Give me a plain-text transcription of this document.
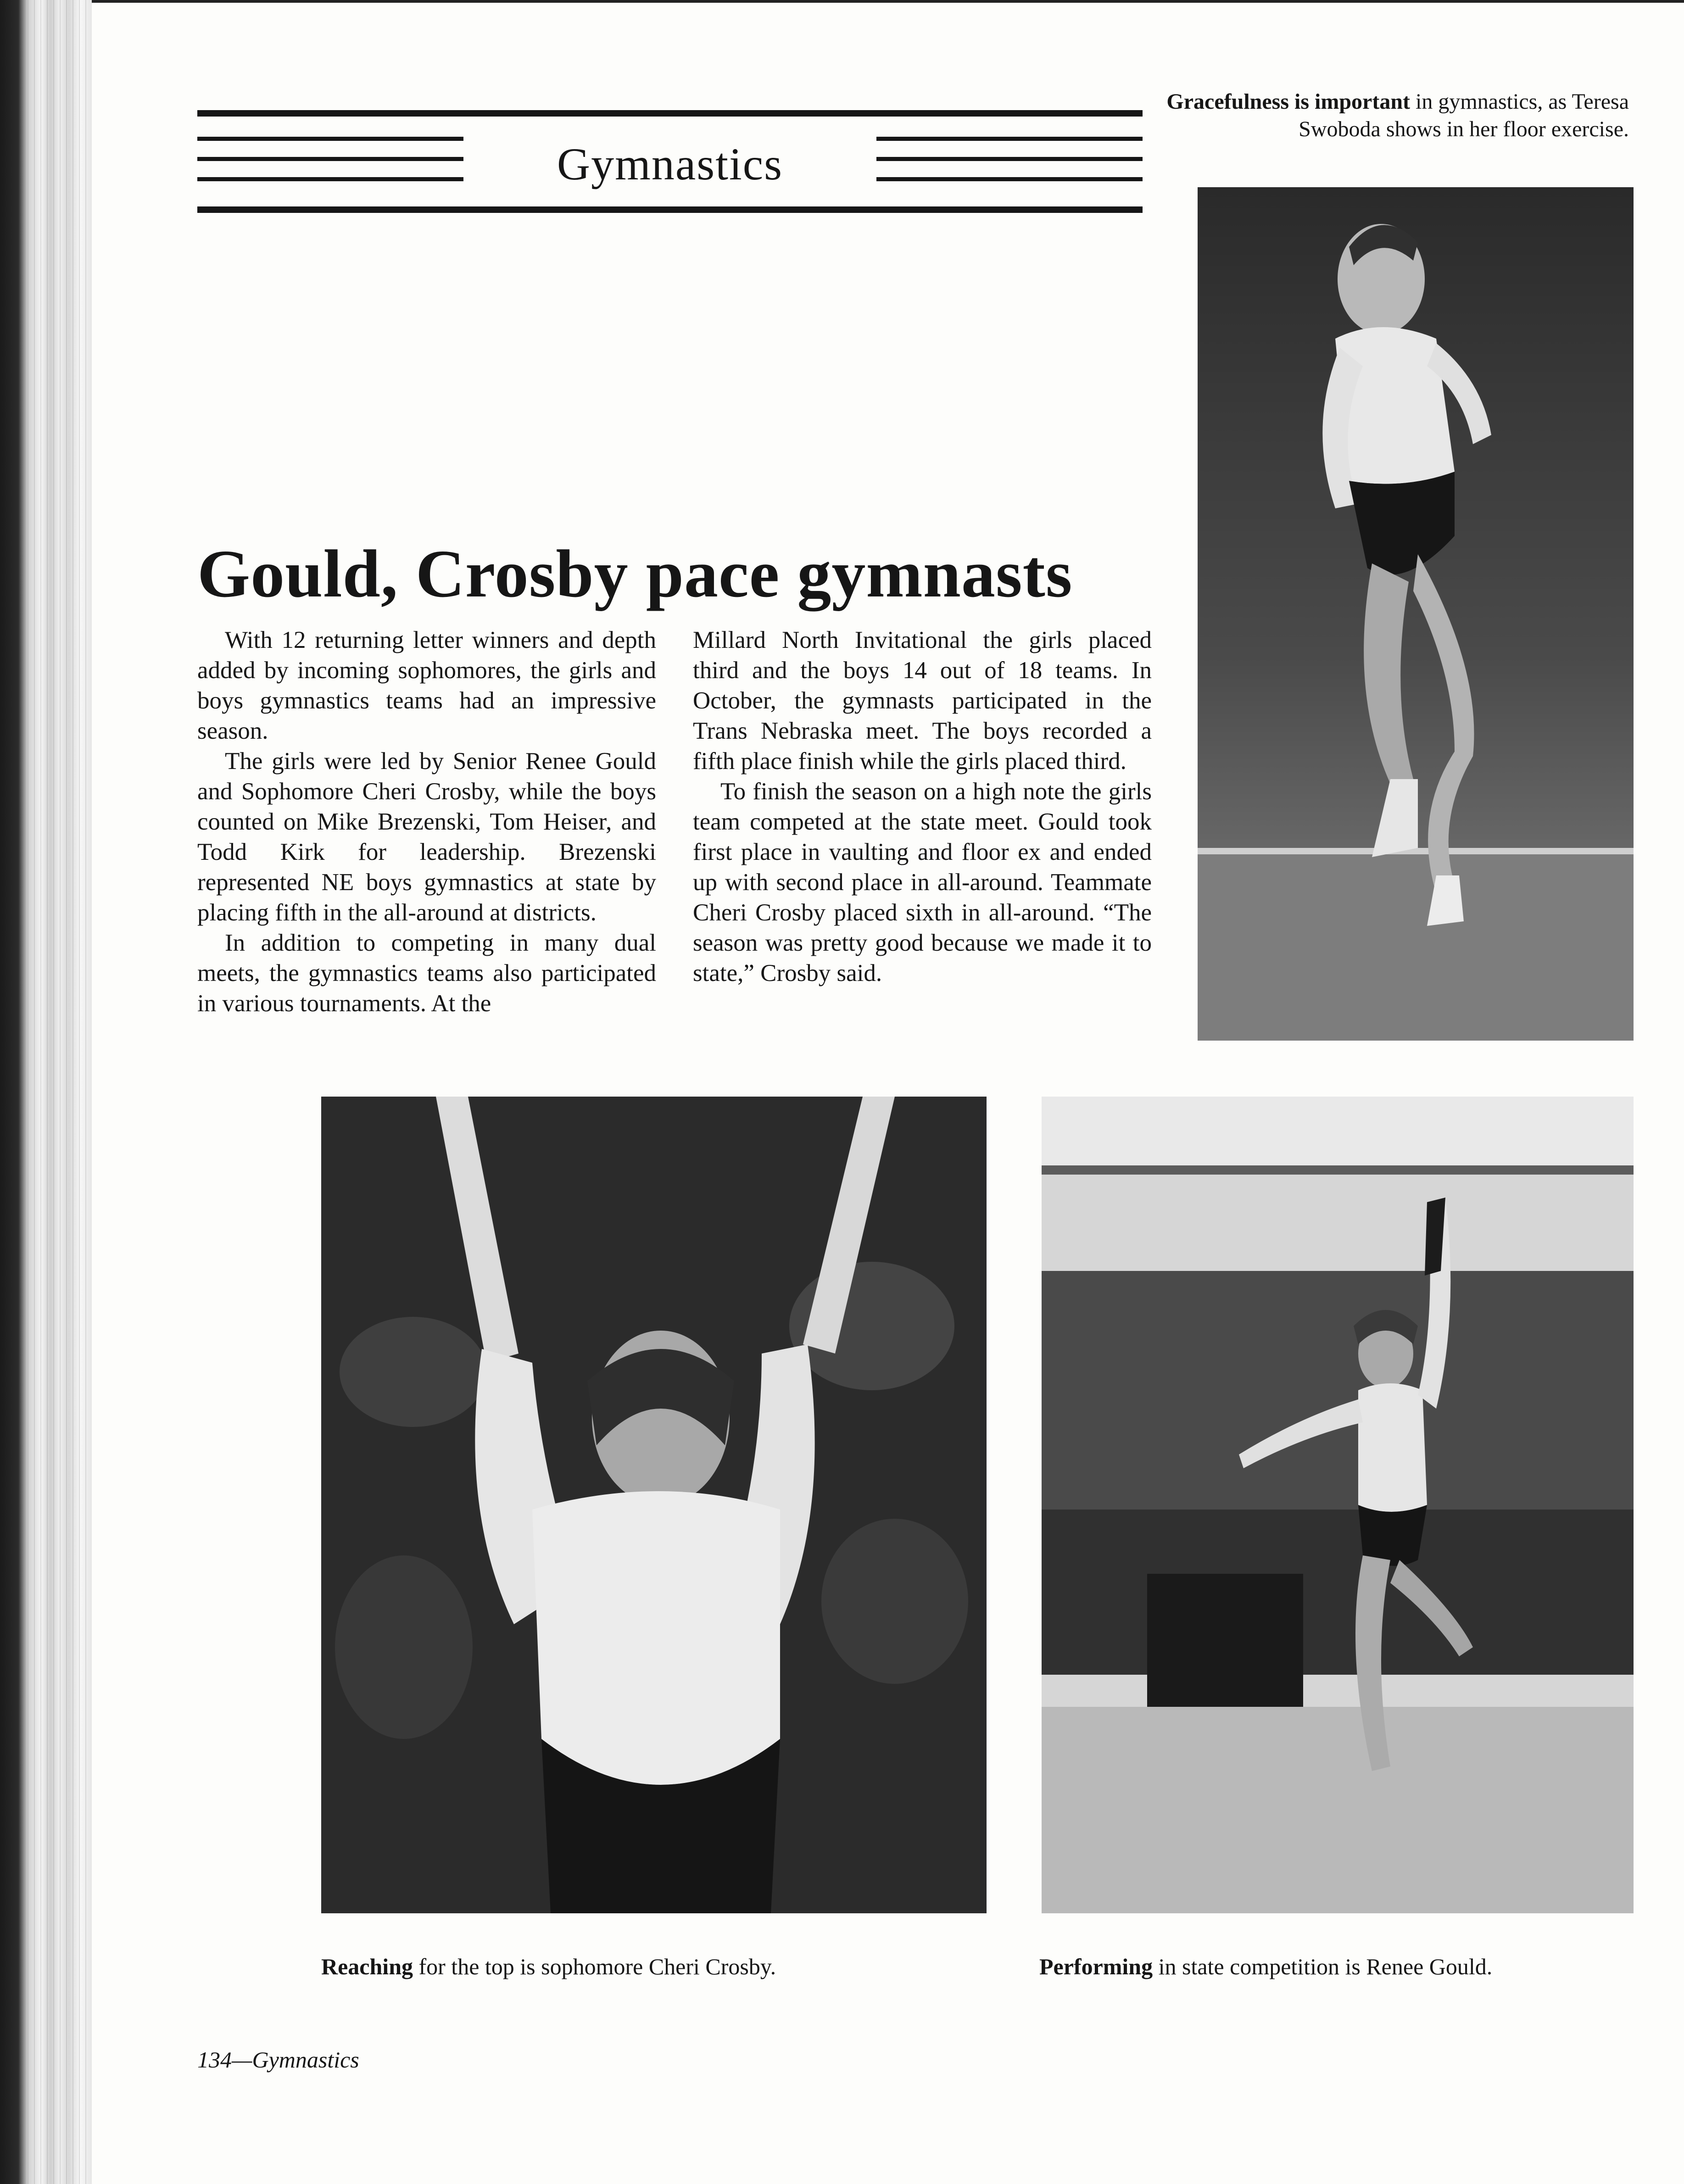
Gymnastics
Gracefulness is important in gymnastics, as Teresa Swoboda shows in her floor exercise.
Gould, Crosby pace gymnasts

With 12 returning letter winners and depth added by incoming sophomores, the girls and boys gymnastics teams had an impressive season.

The girls were led by Senior Renee Gould and Sophomore Cheri Crosby, while the boys counted on Mike Brezenski, Tom Heiser, and Todd Kirk for leadership. Brezenski represented NE boys gymnastics at state by placing fifth in the all-around at districts.

In addition to competing in many dual meets, the gymnastics teams also participated in various tournaments. At the

Millard North Invitational the girls placed third and the boys 14 out of 18 teams. In October, the gymnasts participated in the Trans Nebraska meet. The boys recorded a fifth place finish while the girls placed third.

To finish the season on a high note the girls team competed at the state meet. Gould took first place in vaulting and floor ex and ended up with second place in all-around. Teammate Cheri Crosby placed sixth in all-around. “The season was pretty good because we made it to state,” Crosby said.

Reaching for the top is sophomore Cheri Crosby.	Performing in state competition is Renee Gould.
134—Gymnastics
